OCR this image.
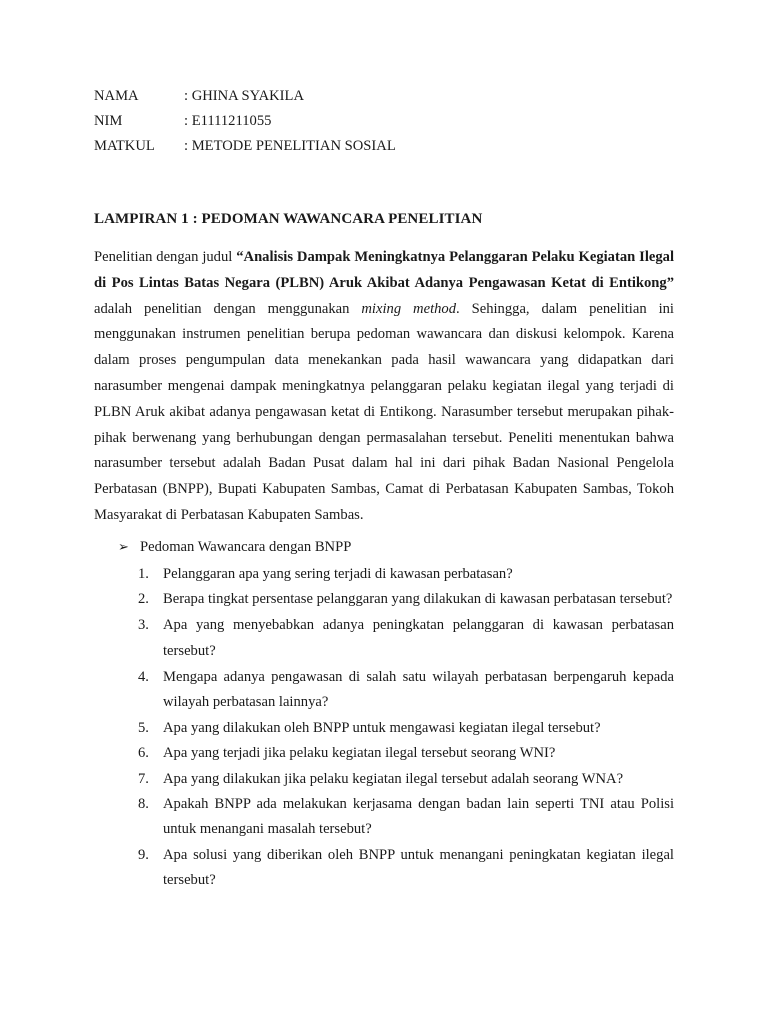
NAMA	: GHINA SYAKILA
NIM	: E1111211055
MATKUL	: METODE PENELITIAN SOSIAL
LAMPIRAN 1 : PEDOMAN WAWANCARA PENELITIAN

Penelitian dengan judul “Analisis Dampak Meningkatnya Pelanggaran Pelaku Kegiatan Ilegal di Pos Lintas Batas Negara (PLBN) Aruk Akibat Adanya Pengawasan Ketat di Entikong” adalah penelitian dengan menggunakan mixing method. Sehingga, dalam penelitian ini menggunakan instrumen penelitian berupa pedoman wawancara dan diskusi kelompok. Karena dalam proses pengumpulan data menekankan pada hasil wawancara yang didapatkan dari narasumber mengenai dampak meningkatnya pelanggaran pelaku kegiatan ilegal yang terjadi di PLBN Aruk akibat adanya pengawasan ketat di Entikong. Narasumber tersebut merupakan pihak-pihak berwenang yang berhubungan dengan permasalahan tersebut. Peneliti menentukan bahwa narasumber tersebut adalah Badan Pusat dalam hal ini dari pihak Badan Nasional Pengelola Perbatasan (BNPP), Bupati Kabupaten Sambas, Camat di Perbatasan Kabupaten Sambas, Tokoh Masyarakat di Perbatasan Kabupaten Sambas.

➢ Pedoman Wawancara dengan BNPP
1. Pelanggaran apa yang sering terjadi di kawasan perbatasan?
2. Berapa tingkat persentase pelanggaran yang dilakukan di kawasan perbatasan tersebut?
3. Apa yang menyebabkan adanya peningkatan pelanggaran di kawasan perbatasan tersebut?
4. Mengapa adanya pengawasan di salah satu wilayah perbatasan berpengaruh kepada wilayah perbatasan lainnya?
5. Apa yang dilakukan oleh BNPP untuk mengawasi kegiatan ilegal tersebut?
6. Apa yang terjadi jika pelaku kegiatan ilegal tersebut seorang WNI?
7. Apa yang dilakukan jika pelaku kegiatan ilegal tersebut adalah seorang WNA?
8. Apakah BNPP ada melakukan kerjasama dengan badan lain seperti TNI atau Polisi untuk menangani masalah tersebut?
9. Apa solusi yang diberikan oleh BNPP untuk menangani peningkatan kegiatan ilegal tersebut?
